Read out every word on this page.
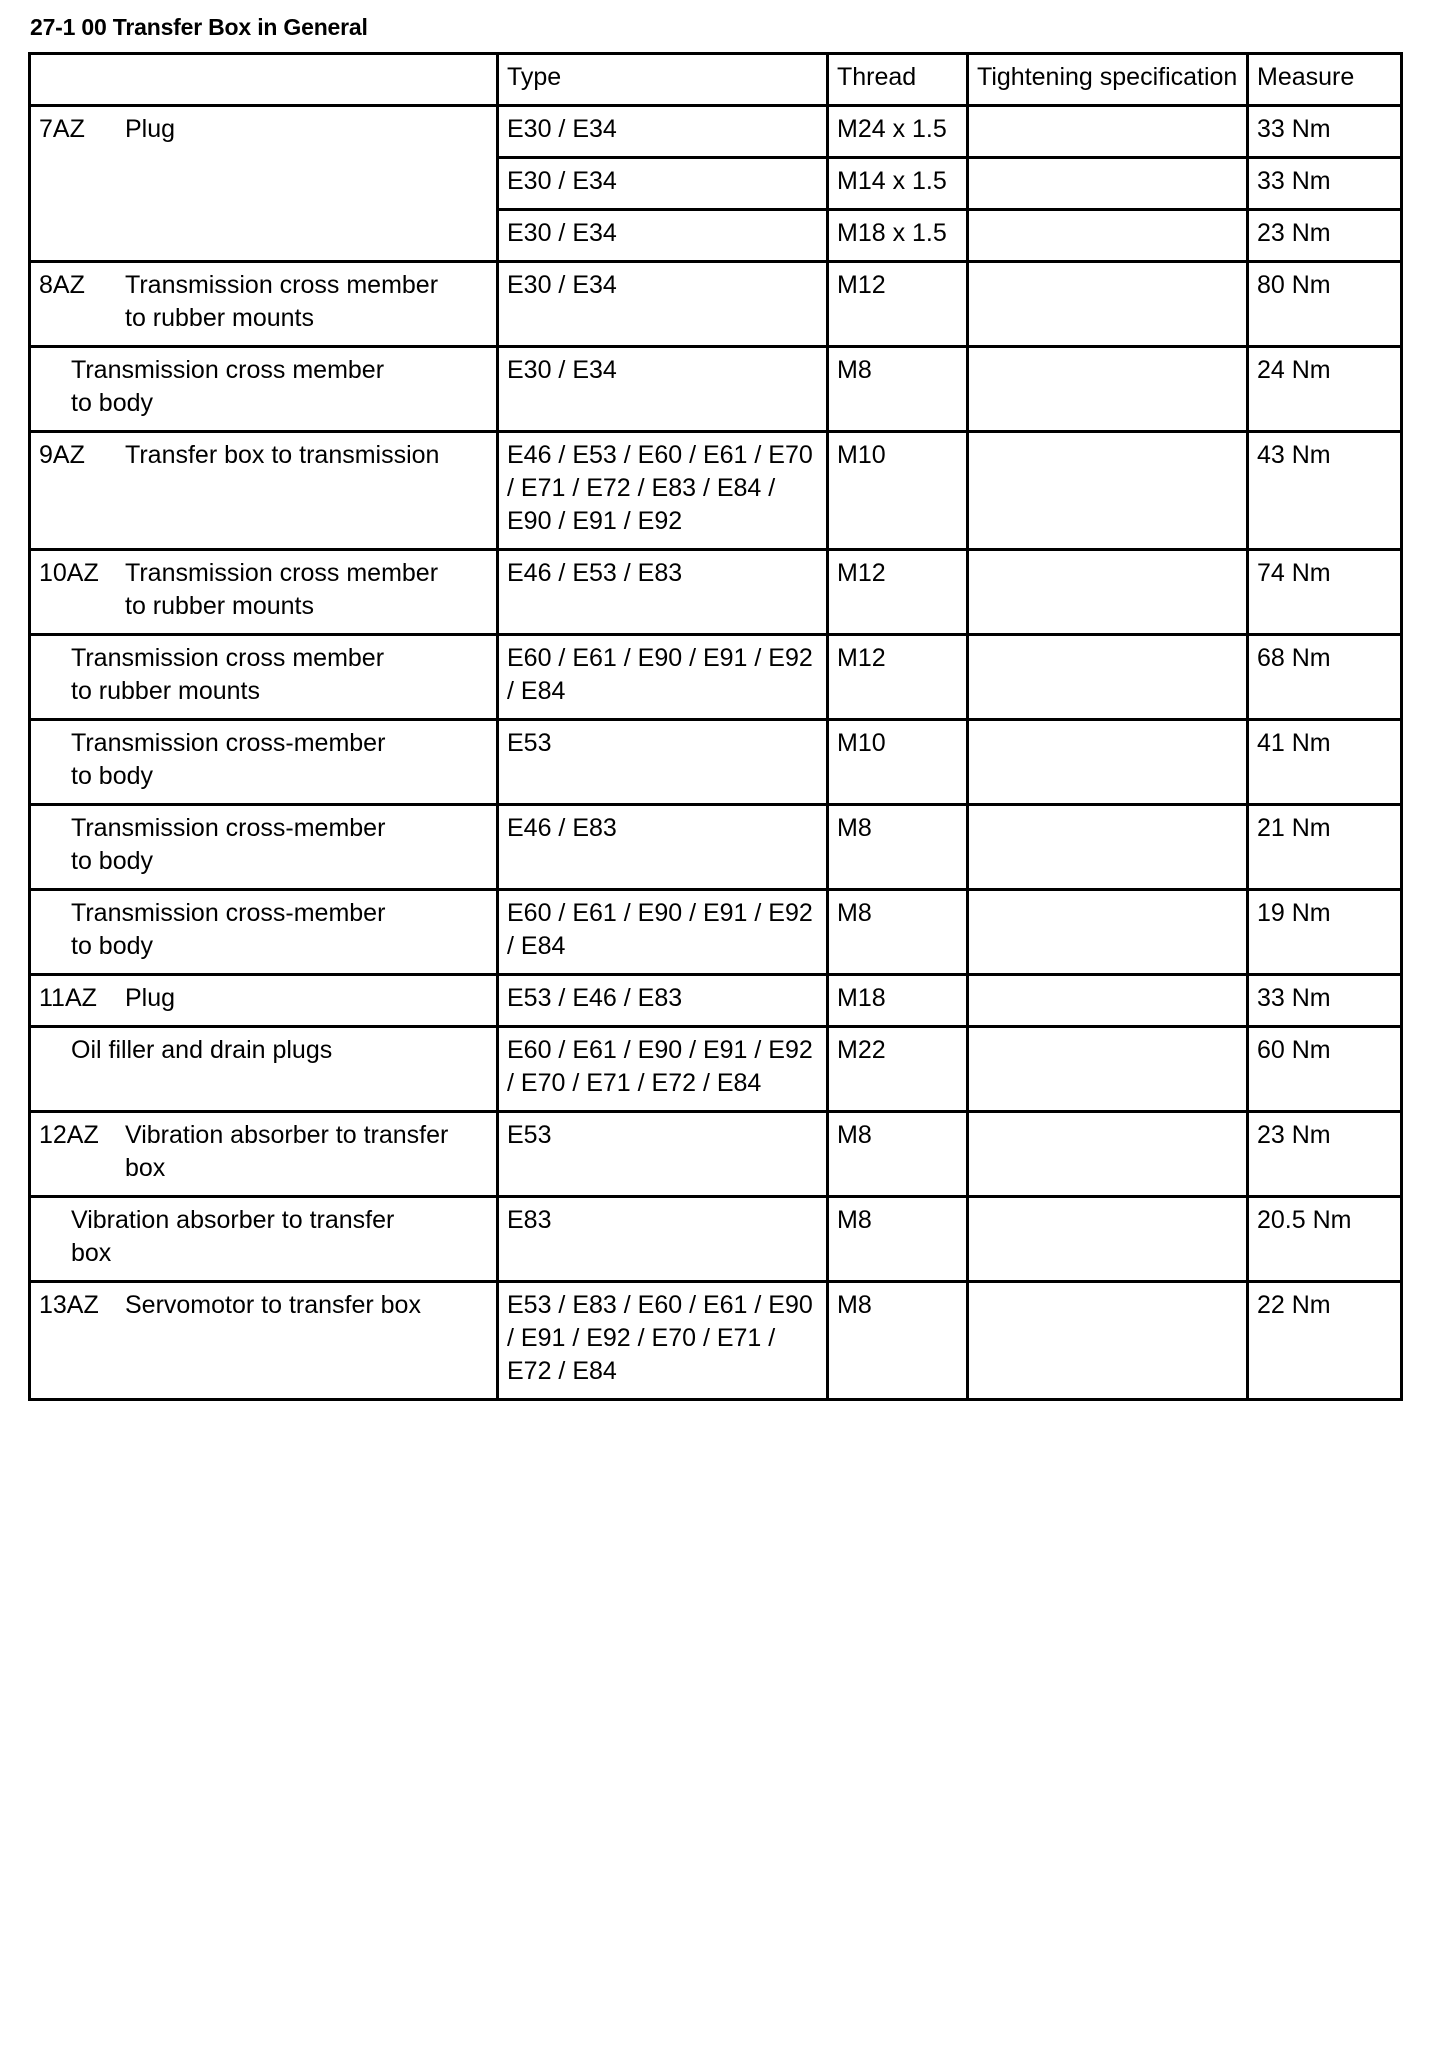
27-1 00 Transfer Box in General
	Type	Thread	Tightening specification	Measure
7AZ Plug	E30 / E34	M24 x 1.5		33 Nm
	E30 / E34	M14 x 1.5		33 Nm
	E30 / E34	M18 x 1.5		23 Nm
8AZ Transmission cross member to rubber mounts	E30 / E34	M12		80 Nm
Transmission cross member to body	E30 / E34	M8		24 Nm
9AZ Transfer box to transmission	E46 / E53 / E60 / E61 / E70 / E71 / E72 / E83 / E84 / E90 / E91 / E92	M10		43 Nm
10AZ Transmission cross member to rubber mounts	E46 / E53 / E83	M12		74 Nm
Transmission cross member to rubber mounts	E60 / E61 / E90 / E91 / E92 / E84	M12		68 Nm
Transmission cross-member to body	E53	M10		41 Nm
Transmission cross-member to body	E46 / E83	M8		21 Nm
Transmission cross-member to body	E60 / E61 / E90 / E91 / E92 / E84	M8		19 Nm
11AZ Plug	E53 / E46 / E83	M18		33 Nm
Oil filler and drain plugs	E60 / E61 / E90 / E91 / E92 / E70 / E71 / E72 / E84	M22		60 Nm
12AZ Vibration absorber to transfer box	E53	M8		23 Nm
Vibration absorber to transfer box	E83	M8		20.5 Nm
13AZ Servomotor to transfer box	E53 / E83 / E60 / E61 / E90 / E91 / E92 / E70 / E71 / E72 / E84	M8		22 Nm
